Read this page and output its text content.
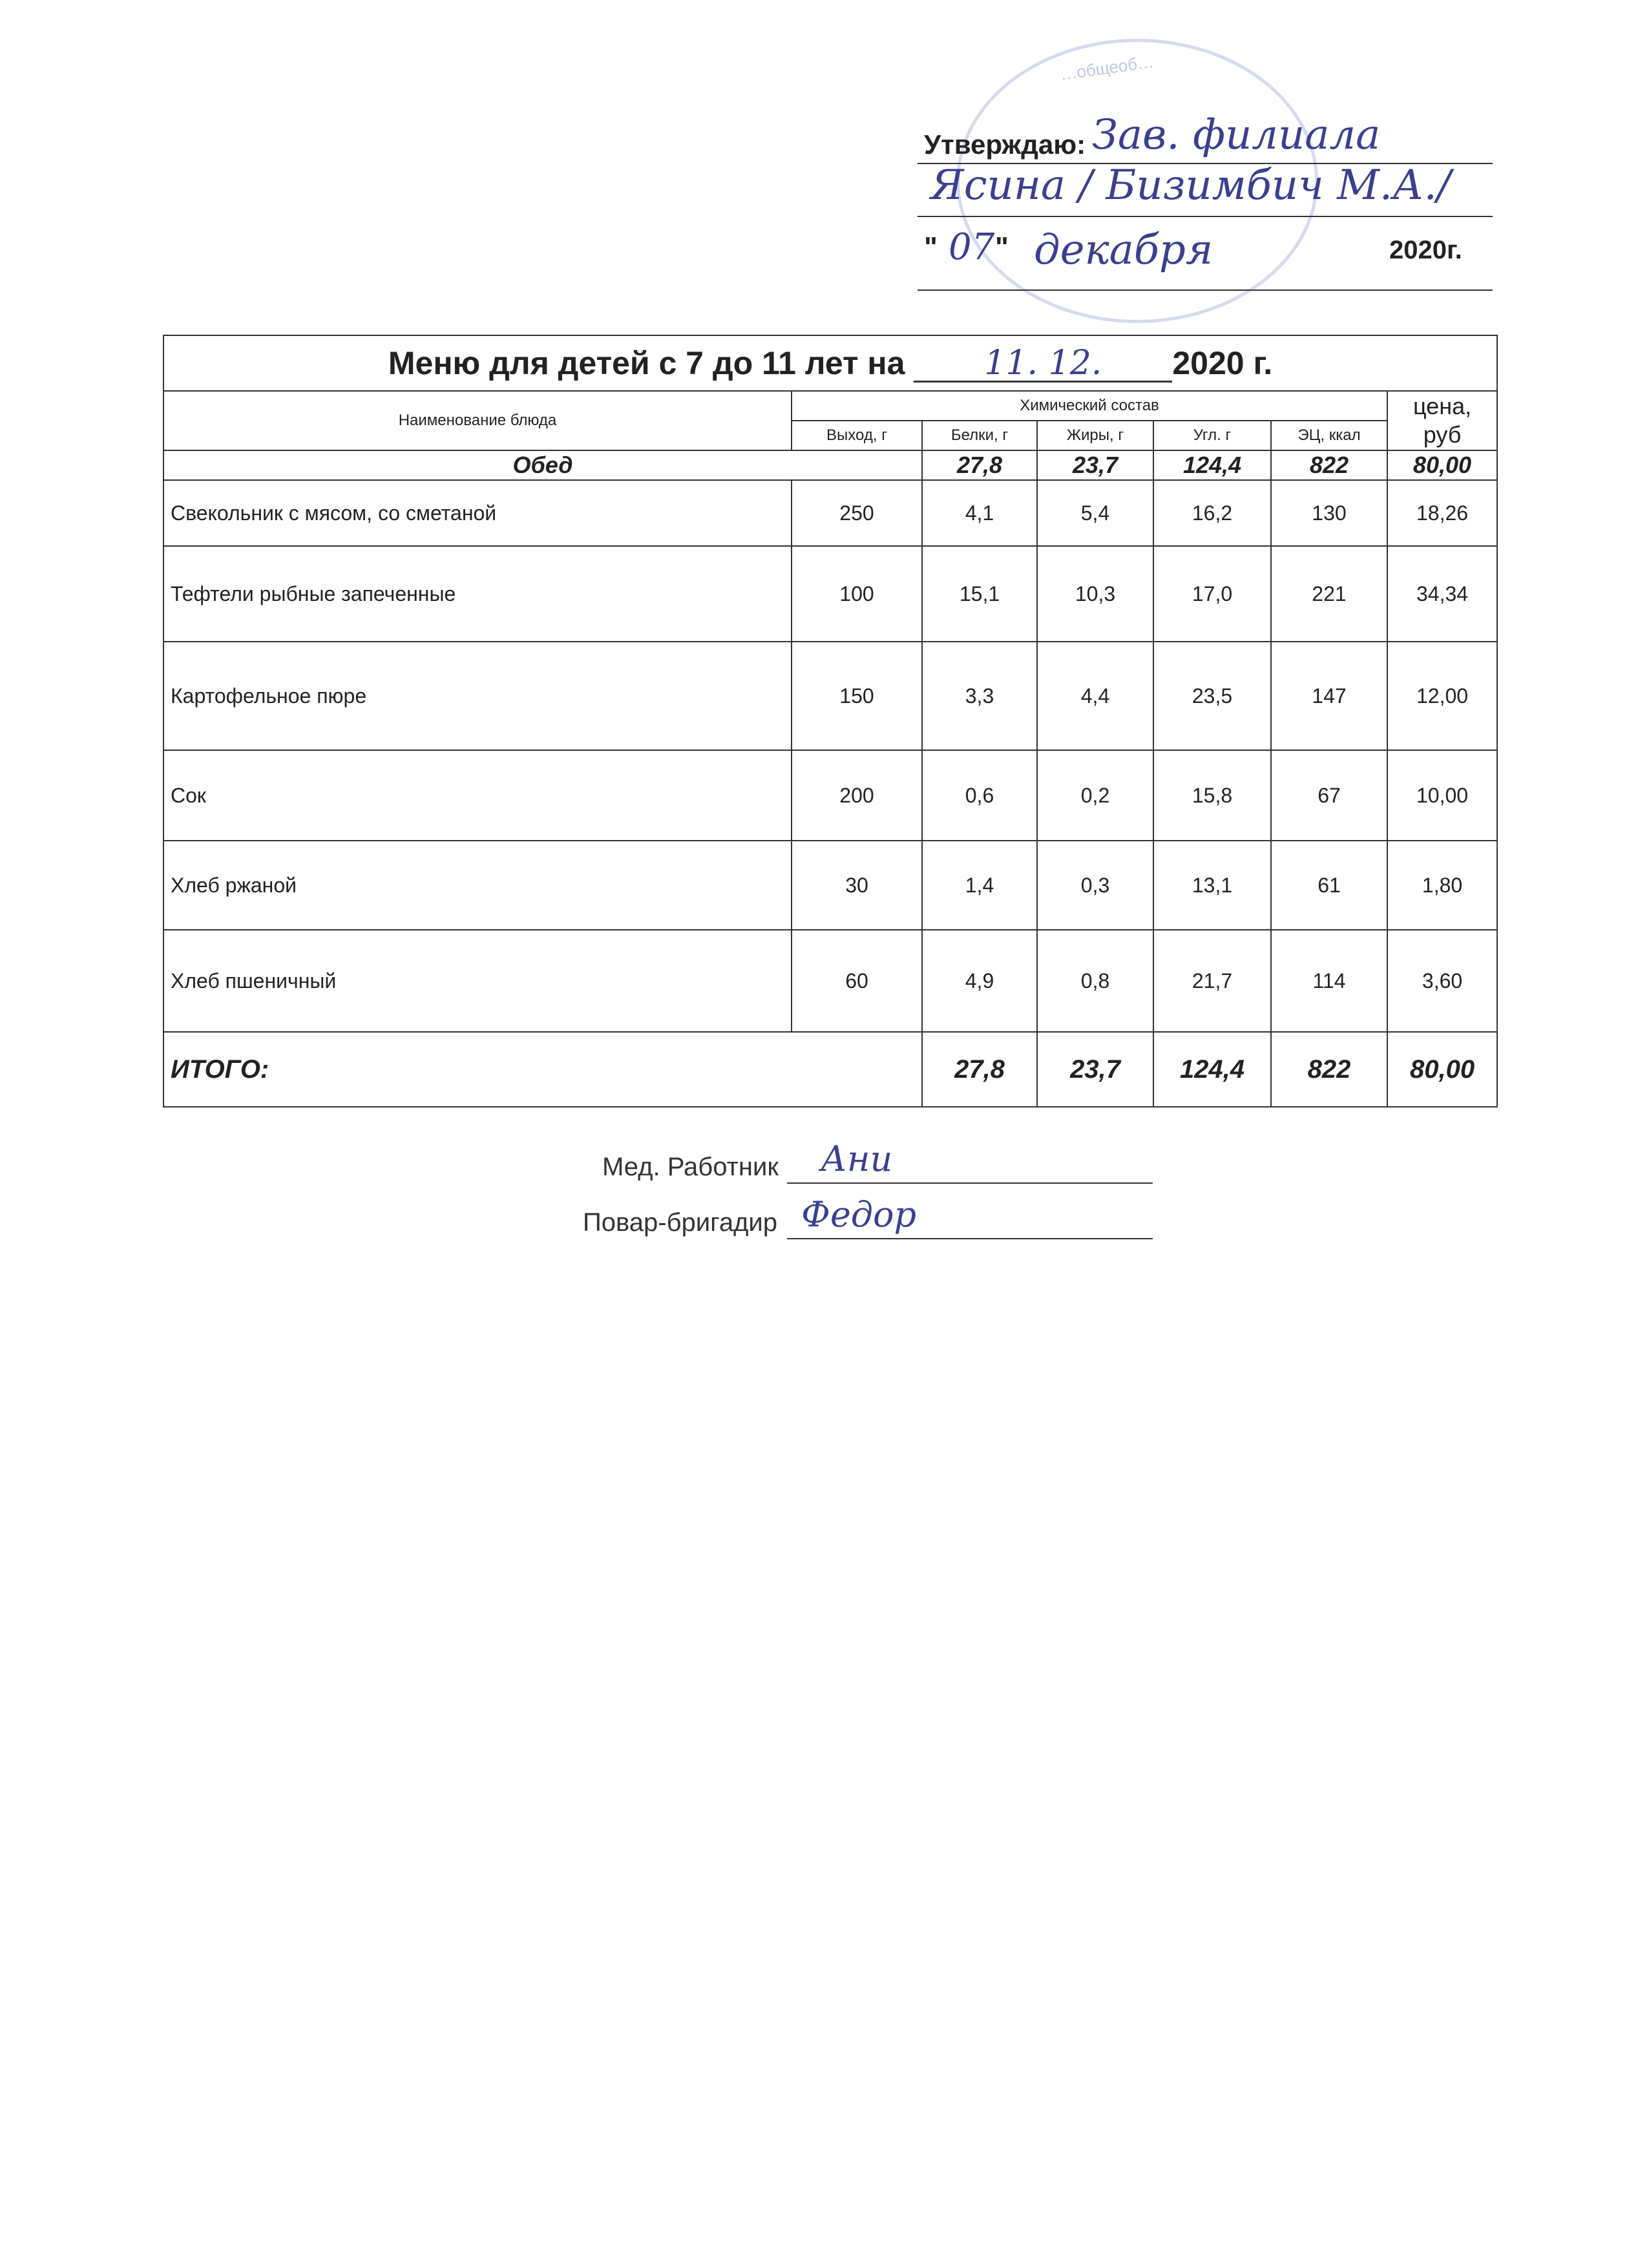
…общеоб…
Утверждаю: Зав. филиала
Ясина / Бизимбич М.А./
" 07 " декабря	2020г.
Меню для детей с 7 до 11 лет на 11. 12. 2020 г.						
Наименование блюда	Химический состав					цена, руб
	Выход, г	Белки, г	Жиры, г	Угл. г	ЭЦ, ккал	
Обед		27,8	23,7	124,4	822	80,00
Свекольник с мясом, со сметаной	250	4,1	5,4	16,2	130	18,26
Тефтели рыбные запеченные	100	15,1	10,3	17,0	221	34,34
Картофельное пюре	150	3,3	4,4	23,5	147	12,00
Сок	200	0,6	0,2	15,8	67	10,00
Хлеб ржаной	30	1,4	0,3	13,1	61	1,80
Хлеб пшеничный	60	4,9	0,8	21,7	114	3,60
ИТОГО:		27,8	23,7	124,4	822	80,00
Мед. Работник Ани
Повар-бригадир Федор
